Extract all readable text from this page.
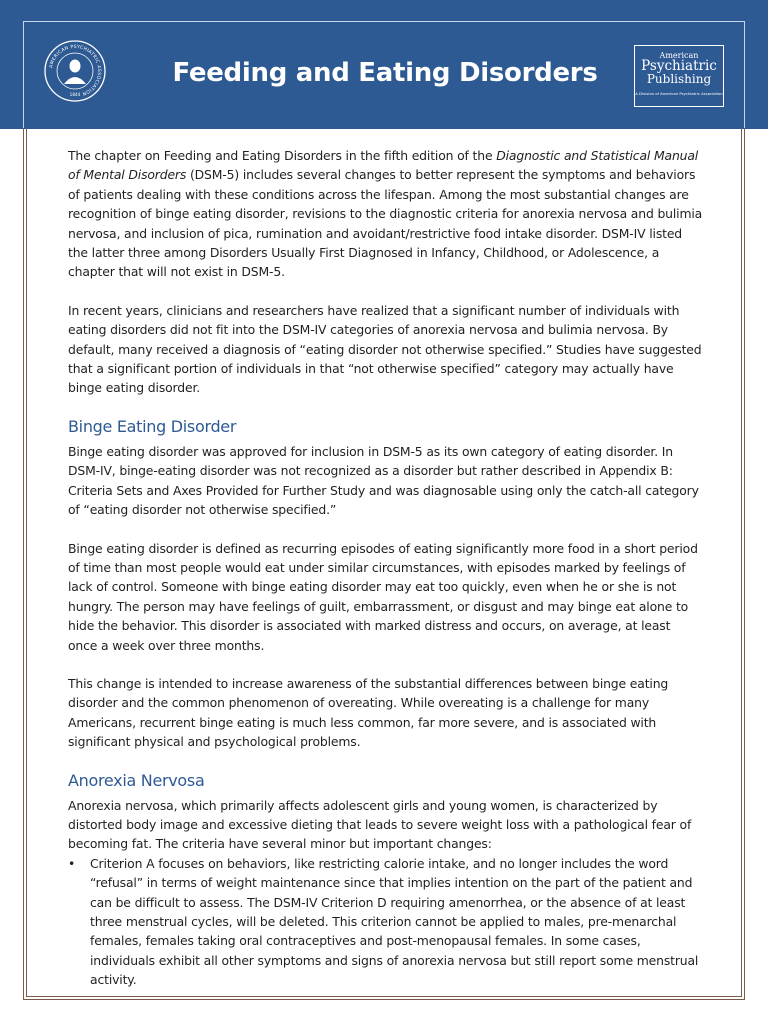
AMERICAN PSYCHIATRIC ASSOCIATION
1844
Feeding and Eating Disorders
American
Psychiatric
Publishing
A Division of American Psychiatric Association

The chapter on Feeding and Eating Disorders in the fifth edition of the Diagnostic and Statistical Manual of Mental Disorders (DSM-5) includes several changes to better represent the symptoms and behaviors of patients dealing with these conditions across the lifespan. Among the most substantial changes are recognition of binge eating disorder, revisions to the diagnostic criteria for anorexia nervosa and bulimia nervosa, and inclusion of pica, rumination and avoidant/restrictive food intake disorder. DSM-IV listed the latter three among Disorders Usually First Diagnosed in Infancy, Childhood, or Adolescence, a chapter that will not exist in DSM-5.

In recent years, clinicians and researchers have realized that a significant number of individuals with eating disorders did not fit into the DSM-IV categories of anorexia nervosa and bulimia nervosa. By default, many received a diagnosis of “eating disorder not otherwise specified.” Studies have suggested that a significant portion of individuals in that “not otherwise specified” category may actually have binge eating disorder.

Binge Eating Disorder

Binge eating disorder was approved for inclusion in DSM-5 as its own category of eating disorder. In DSM-IV, binge-eating disorder was not recognized as a disorder but rather described in Appendix B: Criteria Sets and Axes Provided for Further Study and was diagnosable using only the catch-all category of “eating disorder not otherwise specified.”

Binge eating disorder is defined as recurring episodes of eating significantly more food in a short period of time than most people would eat under similar circumstances, with episodes marked by feelings of lack of control. Someone with binge eating disorder may eat too quickly, even when he or she is not hungry. The person may have feelings of guilt, embarrassment, or disgust and may binge eat alone to hide the behavior. This disorder is associated with marked distress and occurs, on average, at least once a week over three months.

This change is intended to increase awareness of the substantial differences between binge eating disorder and the common phenomenon of overeating. While overeating is a challenge for many Americans, recurrent binge eating is much less common, far more severe, and is associated with significant physical and psychological problems.

Anorexia Nervosa

Anorexia nervosa, which primarily affects adolescent girls and young women, is characterized by distorted body image and excessive dieting that leads to severe weight loss with a pathological fear of becoming fat. The criteria have several minor but important changes:

• Criterion A focuses on behaviors, like restricting calorie intake, and no longer includes the word “refusal” in terms of weight maintenance since that implies intention on the part of the patient and can be difficult to assess. The DSM-IV Criterion D requiring amenorrhea, or the absence of at least three menstrual cycles, will be deleted. This criterion cannot be applied to males, pre-menarchal females, females taking oral contraceptives and post-menopausal females. In some cases, individuals exhibit all other symptoms and signs of anorexia nervosa but still report some menstrual activity.
